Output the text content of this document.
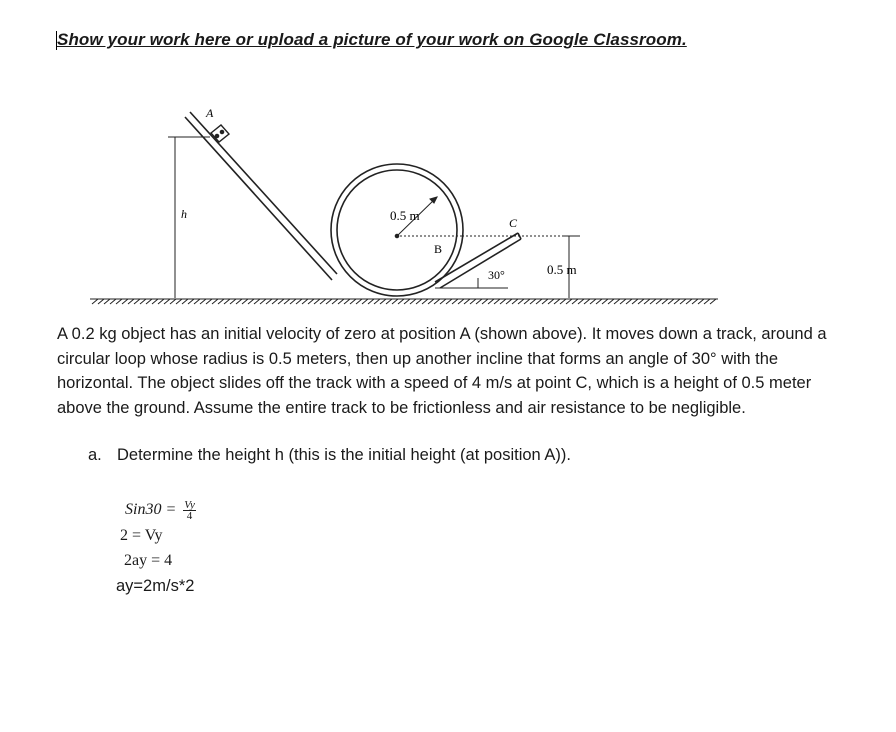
Show your work here or upload a picture of your work on Google Classroom.
A
h	0.5 m
B
C
30°	0.5 m
A 0.2 kg object has an initial velocity of zero at position A (shown above). It moves down a track, around a circular loop whose radius is 0.5 meters, then up another incline that forms an angle of 30° with the horizontal. The object slides off the track with a speed of 4 m/s at point C, which is a height of 0.5 meter above the ground. Assume the entire track to be frictionless and air resistance to be negligible.
a. Determine the height h (this is the initial height (at position A)).
$Sin30 = \frac{Vy}{4}$
2 = Vy
2ay = 4
ay=2m/s*2
